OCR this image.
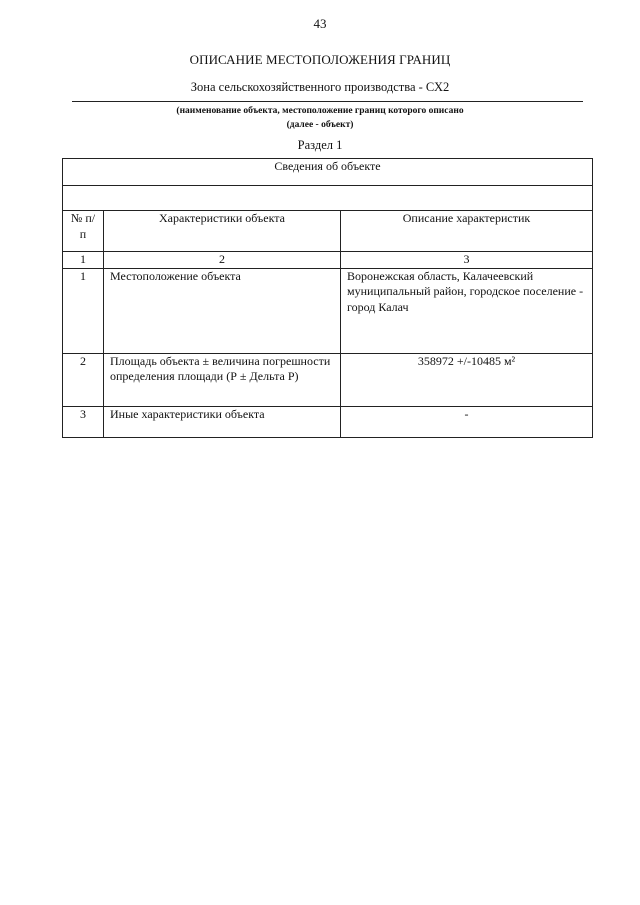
43
ОПИСАНИЕ МЕСТОПОЛОЖЕНИЯ ГРАНИЦ
Зона сельскохозяйственного производства - СХ2
(наименование объекта, местоположение границ которого описано
(далее - объект)
Раздел 1
Сведения об объекте		

№ п/п	Характеристики объекта	Описание характеристик
1	2	3
1	Местоположение объекта	Воронежская область, Калачеевский муниципальный район, городское поселение - город Калач
2	Площадь объекта ± величина погрешности определения площади (Р ± Дельта Р)	358972 +/-10485 м²
3	Иные характеристики объекта	-
